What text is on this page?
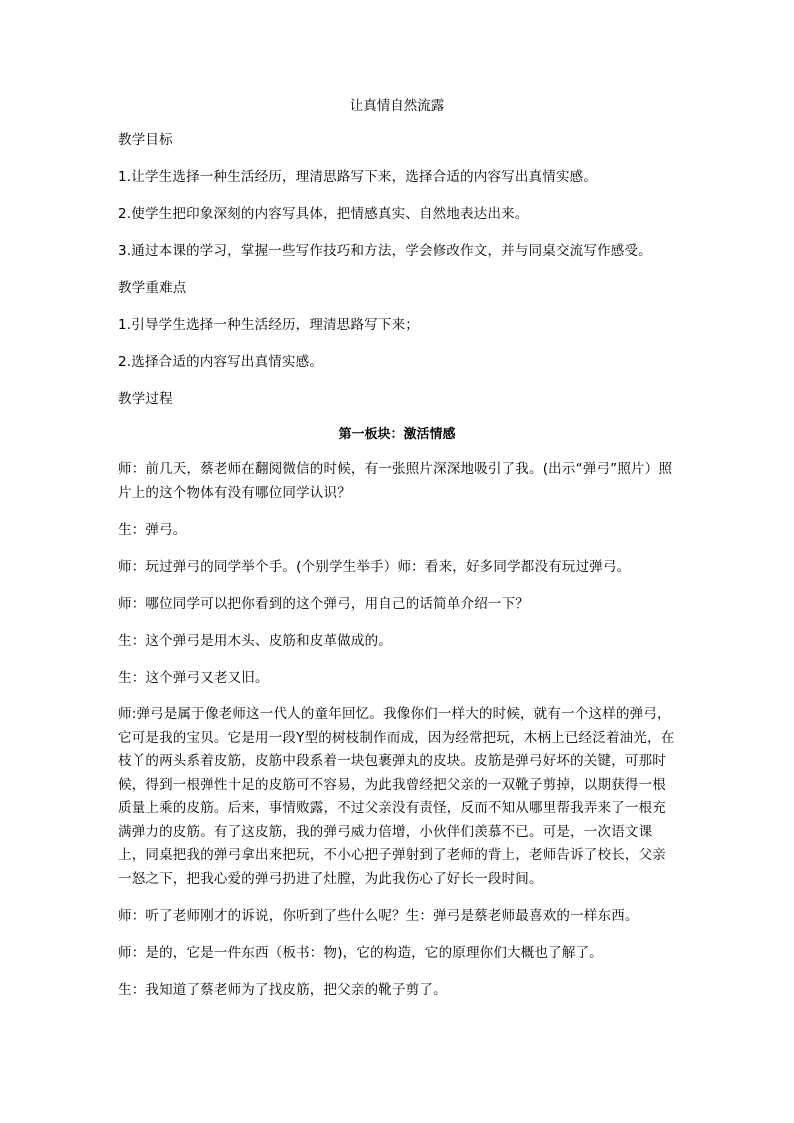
让真情自然流露
教学目标
1.让学生选择一种生活经历，理清思路写下来，选择合适的内容写出真情实感。
2.使学生把印象深刻的内容写具体，把情感真实、自然地表达出来。
3.通过本课的学习，掌握一些写作技巧和方法，学会修改作文，并与同桌交流写作感受。
教学重难点
1.引导学生选择一种生活经历，理清思路写下来；
2.选择合适的内容写出真情实感。
教学过程
第一板块：激活情感
师：前几天，蔡老师在翻阅微信的时候，有一张照片深深地吸引了我。(出示“弹弓”照片）照片上的这个物体有没有哪位同学认识？
生：弹弓。
师：玩过弹弓的同学举个手。(个别学生举手）师：看来，好多同学都没有玩过弹弓。
师：哪位同学可以把你看到的这个弹弓，用自己的话简单介绍一下？
生：这个弹弓是用木头、皮筋和皮革做成的。
生：这个弹弓又老又旧。
师:弹弓是属于像老师这一代人的童年回忆。我像你们一样大的时候，就有一个这样的弹弓，它可是我的宝贝。它是用一段Y型的树枝制作而成，因为经常把玩，木柄上已经泛着油光，在枝丫的两头系着皮筋，皮筋中段系着一块包裹弹丸的皮块。皮筋是弹弓好坏的关键，可那时候，得到一根弹性十足的皮筋可不容易，为此我曾经把父亲的一双靴子剪掉，以期获得一根质量上乘的皮筋。后来，事情败露，不过父亲没有责怪，反而不知从哪里帮我弄来了一根充满弹力的皮筋。有了这皮筋，我的弹弓威力倍增，小伙伴们羡慕不已。可是，一次语文课上，同桌把我的弹弓拿出来把玩，不小心把子弹射到了老师的背上，老师告诉了校长，父亲一怒之下，把我心爱的弹弓扔进了灶膛，为此我伤心了好长一段时间。
师：听了老师刚才的诉说，你听到了些什么呢？生：弹弓是蔡老师最喜欢的一样东西。
师：是的，它是一件东西（板书：物)，它的构造，它的原理你们大概也了解了。
生：我知道了蔡老师为了找皮筋，把父亲的靴子剪了。
